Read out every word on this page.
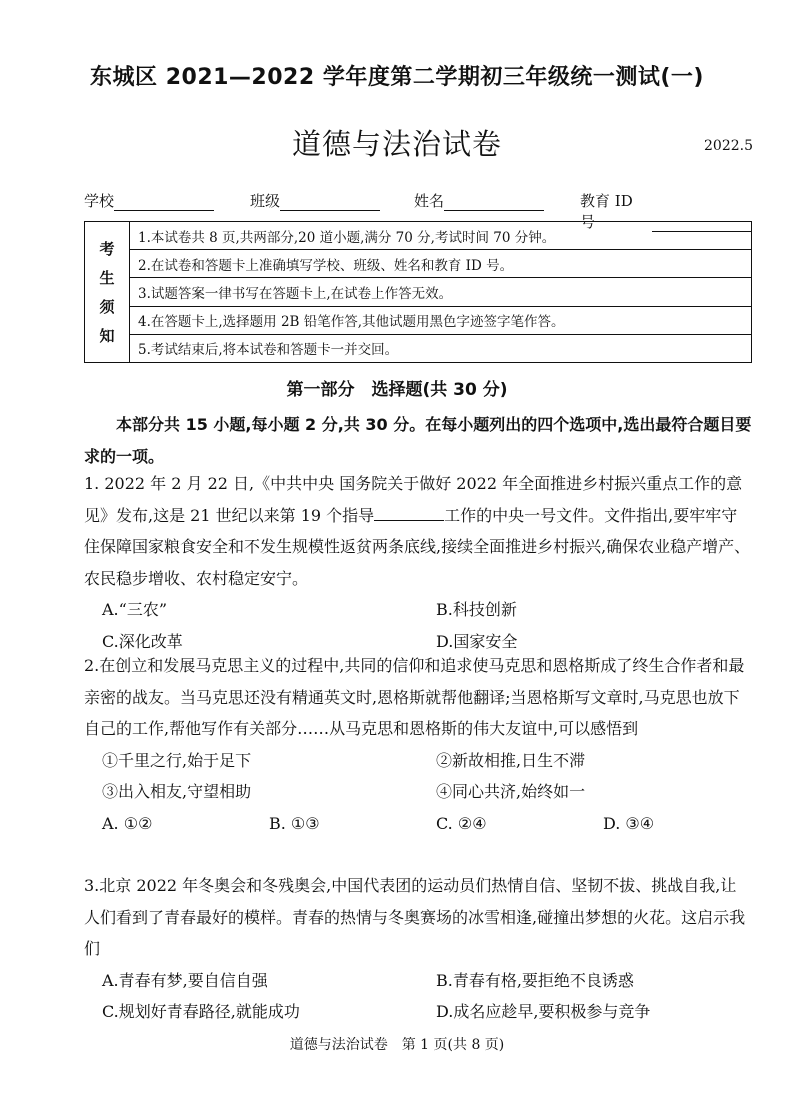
东城区 2021—2022 学年度第二学期初三年级统一测试(一)
道德与法治试卷	2022.5
学校	班级	姓名	教育 ID 号
考
生
须
知
1.本试卷共 8 页,共两部分,20 道小题,满分 70 分,考试时间 70 分钟。
2.在试卷和答题卡上准确填写学校、班级、姓名和教育 ID 号。
3.试题答案一律书写在答题卡上,在试卷上作答无效。
4.在答题卡上,选择题用 2B 铅笔作答,其他试题用黑色字迹签字笔作答。
5.考试结束后,将本试卷和答题卡一并交回。
第一部分　选择题(共 30 分)
本部分共 15 小题,每小题 2 分,共 30 分。在每小题列出的四个选项中,选出最符合题目要求的一项。
1. 2022 年 2 月 22 日,《中共中央 国务院关于做好 2022 年全面推进乡村振兴重点工作的意见》发布,这是 21 世纪以来第 19 个指导	工作的中央一号文件。文件指出,要牢牢守住保障国家粮食安全和不发生规模性返贫两条底线,接续全面推进乡村振兴,确保农业稳产增产、农民稳步增收、农村稳定安宁。
A.“三农”	B.科技创新
C.深化改革	D.国家安全
2.在创立和发展马克思主义的过程中,共同的信仰和追求使马克思和恩格斯成了终生合作者和最亲密的战友。当马克思还没有精通英文时,恩格斯就帮他翻译;当恩格斯写文章时,马克思也放下自己的工作,帮他写作有关部分……从马克思和恩格斯的伟大友谊中,可以感悟到
①千里之行,始于足下	②新故相推,日生不滞
③出入相友,守望相助	④同心共济,始终如一
A. ①②	B. ①③	C. ②④	D. ③④
3.北京 2022 年冬奥会和冬残奥会,中国代表团的运动员们热情自信、坚韧不拔、挑战自我,让人们看到了青春最好的模样。青春的热情与冬奥赛场的冰雪相逢,碰撞出梦想的火花。这启示我们
A.青春有梦,要自信自强	B.青春有格,要拒绝不良诱惑
C.规划好青春路径,就能成功	D.成名应趁早,要积极参与竞争
道德与法治试卷　第 1 页(共 8 页)
